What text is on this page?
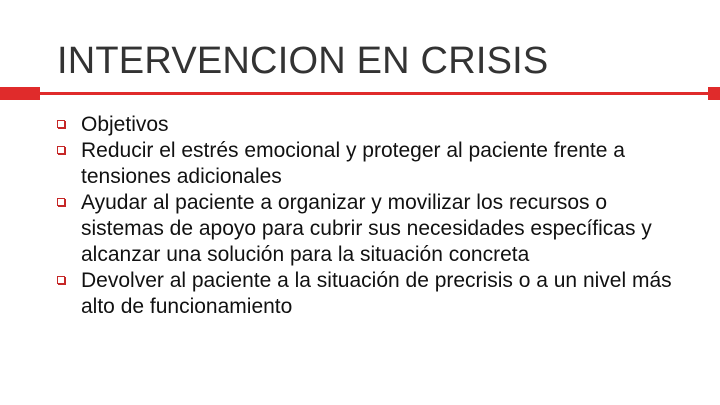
INTERVENCION EN CRISIS
Objetivos
Reducir el estrés emocional y proteger al paciente frente a tensiones adicionales
Ayudar al paciente a organizar y movilizar los recursos o sistemas de apoyo para cubrir sus necesidades específicas y alcanzar una solución para la situación concreta
Devolver al paciente a la situación de precrisis o a un nivel más alto de funcionamiento
